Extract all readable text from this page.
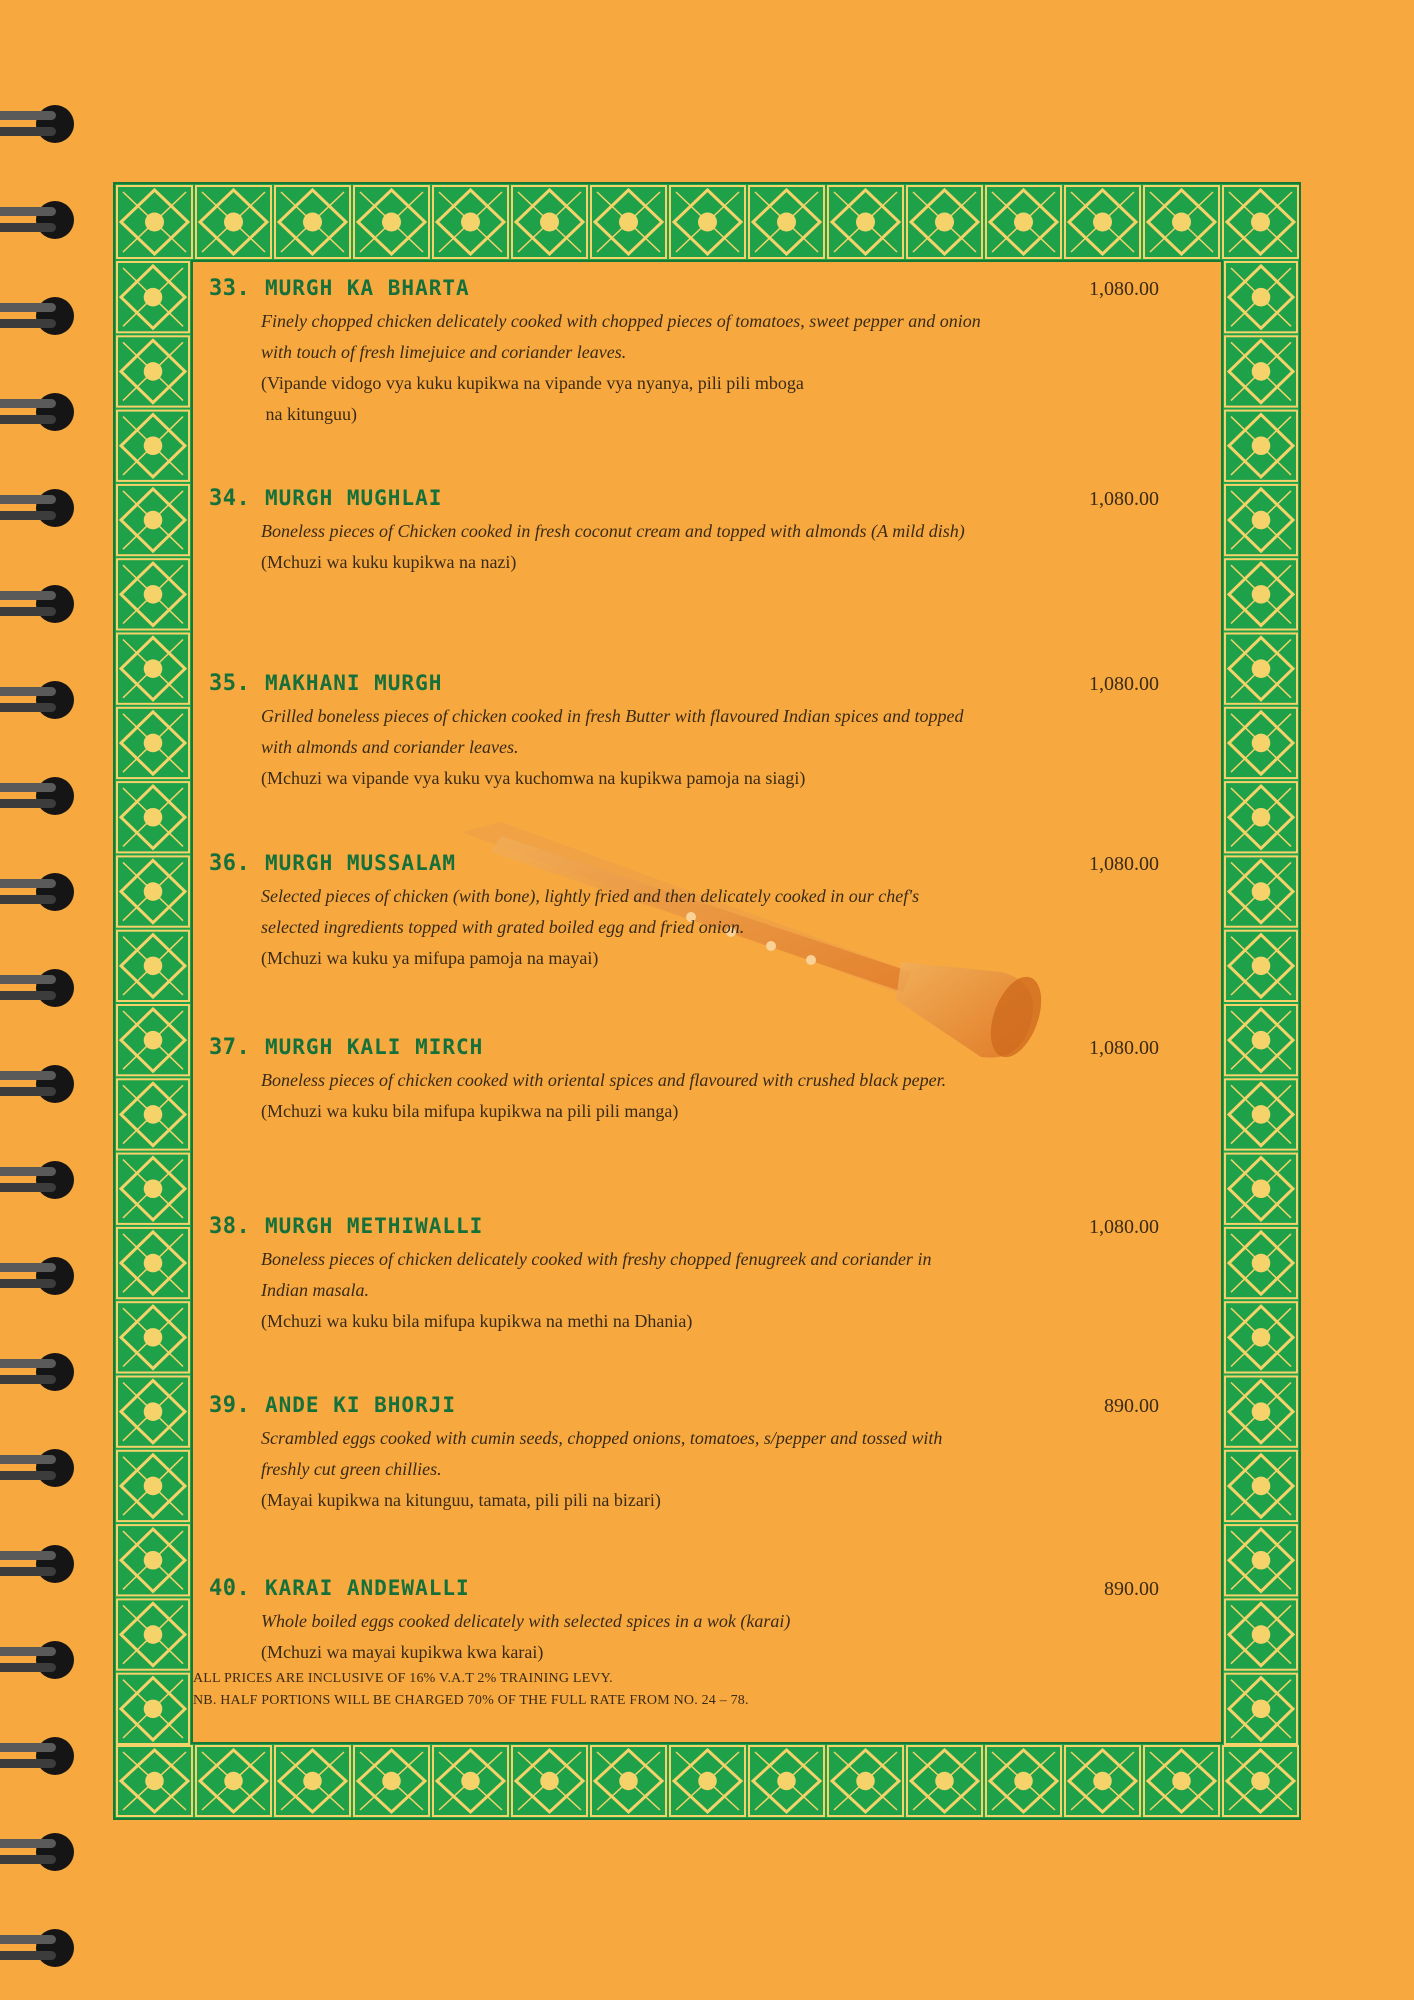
33. MURGH KA BHARTA	1,080.00
Finely chopped chicken delicately cooked with chopped pieces of tomatoes, sweet pepper and onion with touch of fresh limejuice and coriander leaves.
(Vipande vidogo vya kuku kupikwa na vipande vya nyanya, pili pili mboga
na kitunguu)
34. MURGH MUGHLAI	1,080.00
Boneless pieces of Chicken cooked in fresh coconut cream and topped with almonds (A mild dish)
(Mchuzi wa kuku kupikwa na nazi)
35. MAKHANI MURGH	1,080.00
Grilled boneless pieces of chicken cooked in fresh Butter with flavoured Indian spices and topped with almonds and coriander leaves.
(Mchuzi wa vipande vya kuku vya kuchomwa na kupikwa pamoja na siagi)
36. MURGH MUSSALAM	1,080.00
Selected pieces of chicken (with bone), lightly fried and then delicately cooked in our chef's selected ingredients topped with grated boiled egg and fried onion.
(Mchuzi wa kuku ya mifupa pamoja na mayai)
37. MURGH KALI MIRCH	1,080.00
Boneless pieces of chicken cooked with oriental spices and flavoured with crushed black peper.
(Mchuzi wa kuku bila mifupa kupikwa na pili pili manga)
38. MURGH METHIWALLI	1,080.00
Boneless pieces of chicken delicately cooked with freshy chopped fenugreek and coriander in Indian masala.
(Mchuzi wa kuku bila mifupa kupikwa na methi na Dhania)
39. ANDE KI BHORJI	890.00
Scrambled eggs cooked with cumin seeds, chopped onions, tomatoes, s/pepper and tossed with freshly cut green chillies.
(Mayai kupikwa na kitunguu, tamata, pili pili na bizari)
40. KARAI ANDEWALLI	890.00
Whole boiled eggs cooked delicately with selected spices in a wok (karai)
(Mchuzi wa mayai kupikwa kwa karai)
ALL PRICES ARE INCLUSIVE OF 16% V.A.T 2% TRAINING LEVY.
NB. HALF PORTIONS WILL BE CHARGED 70% OF THE FULL RATE FROM NO. 24 – 78.
